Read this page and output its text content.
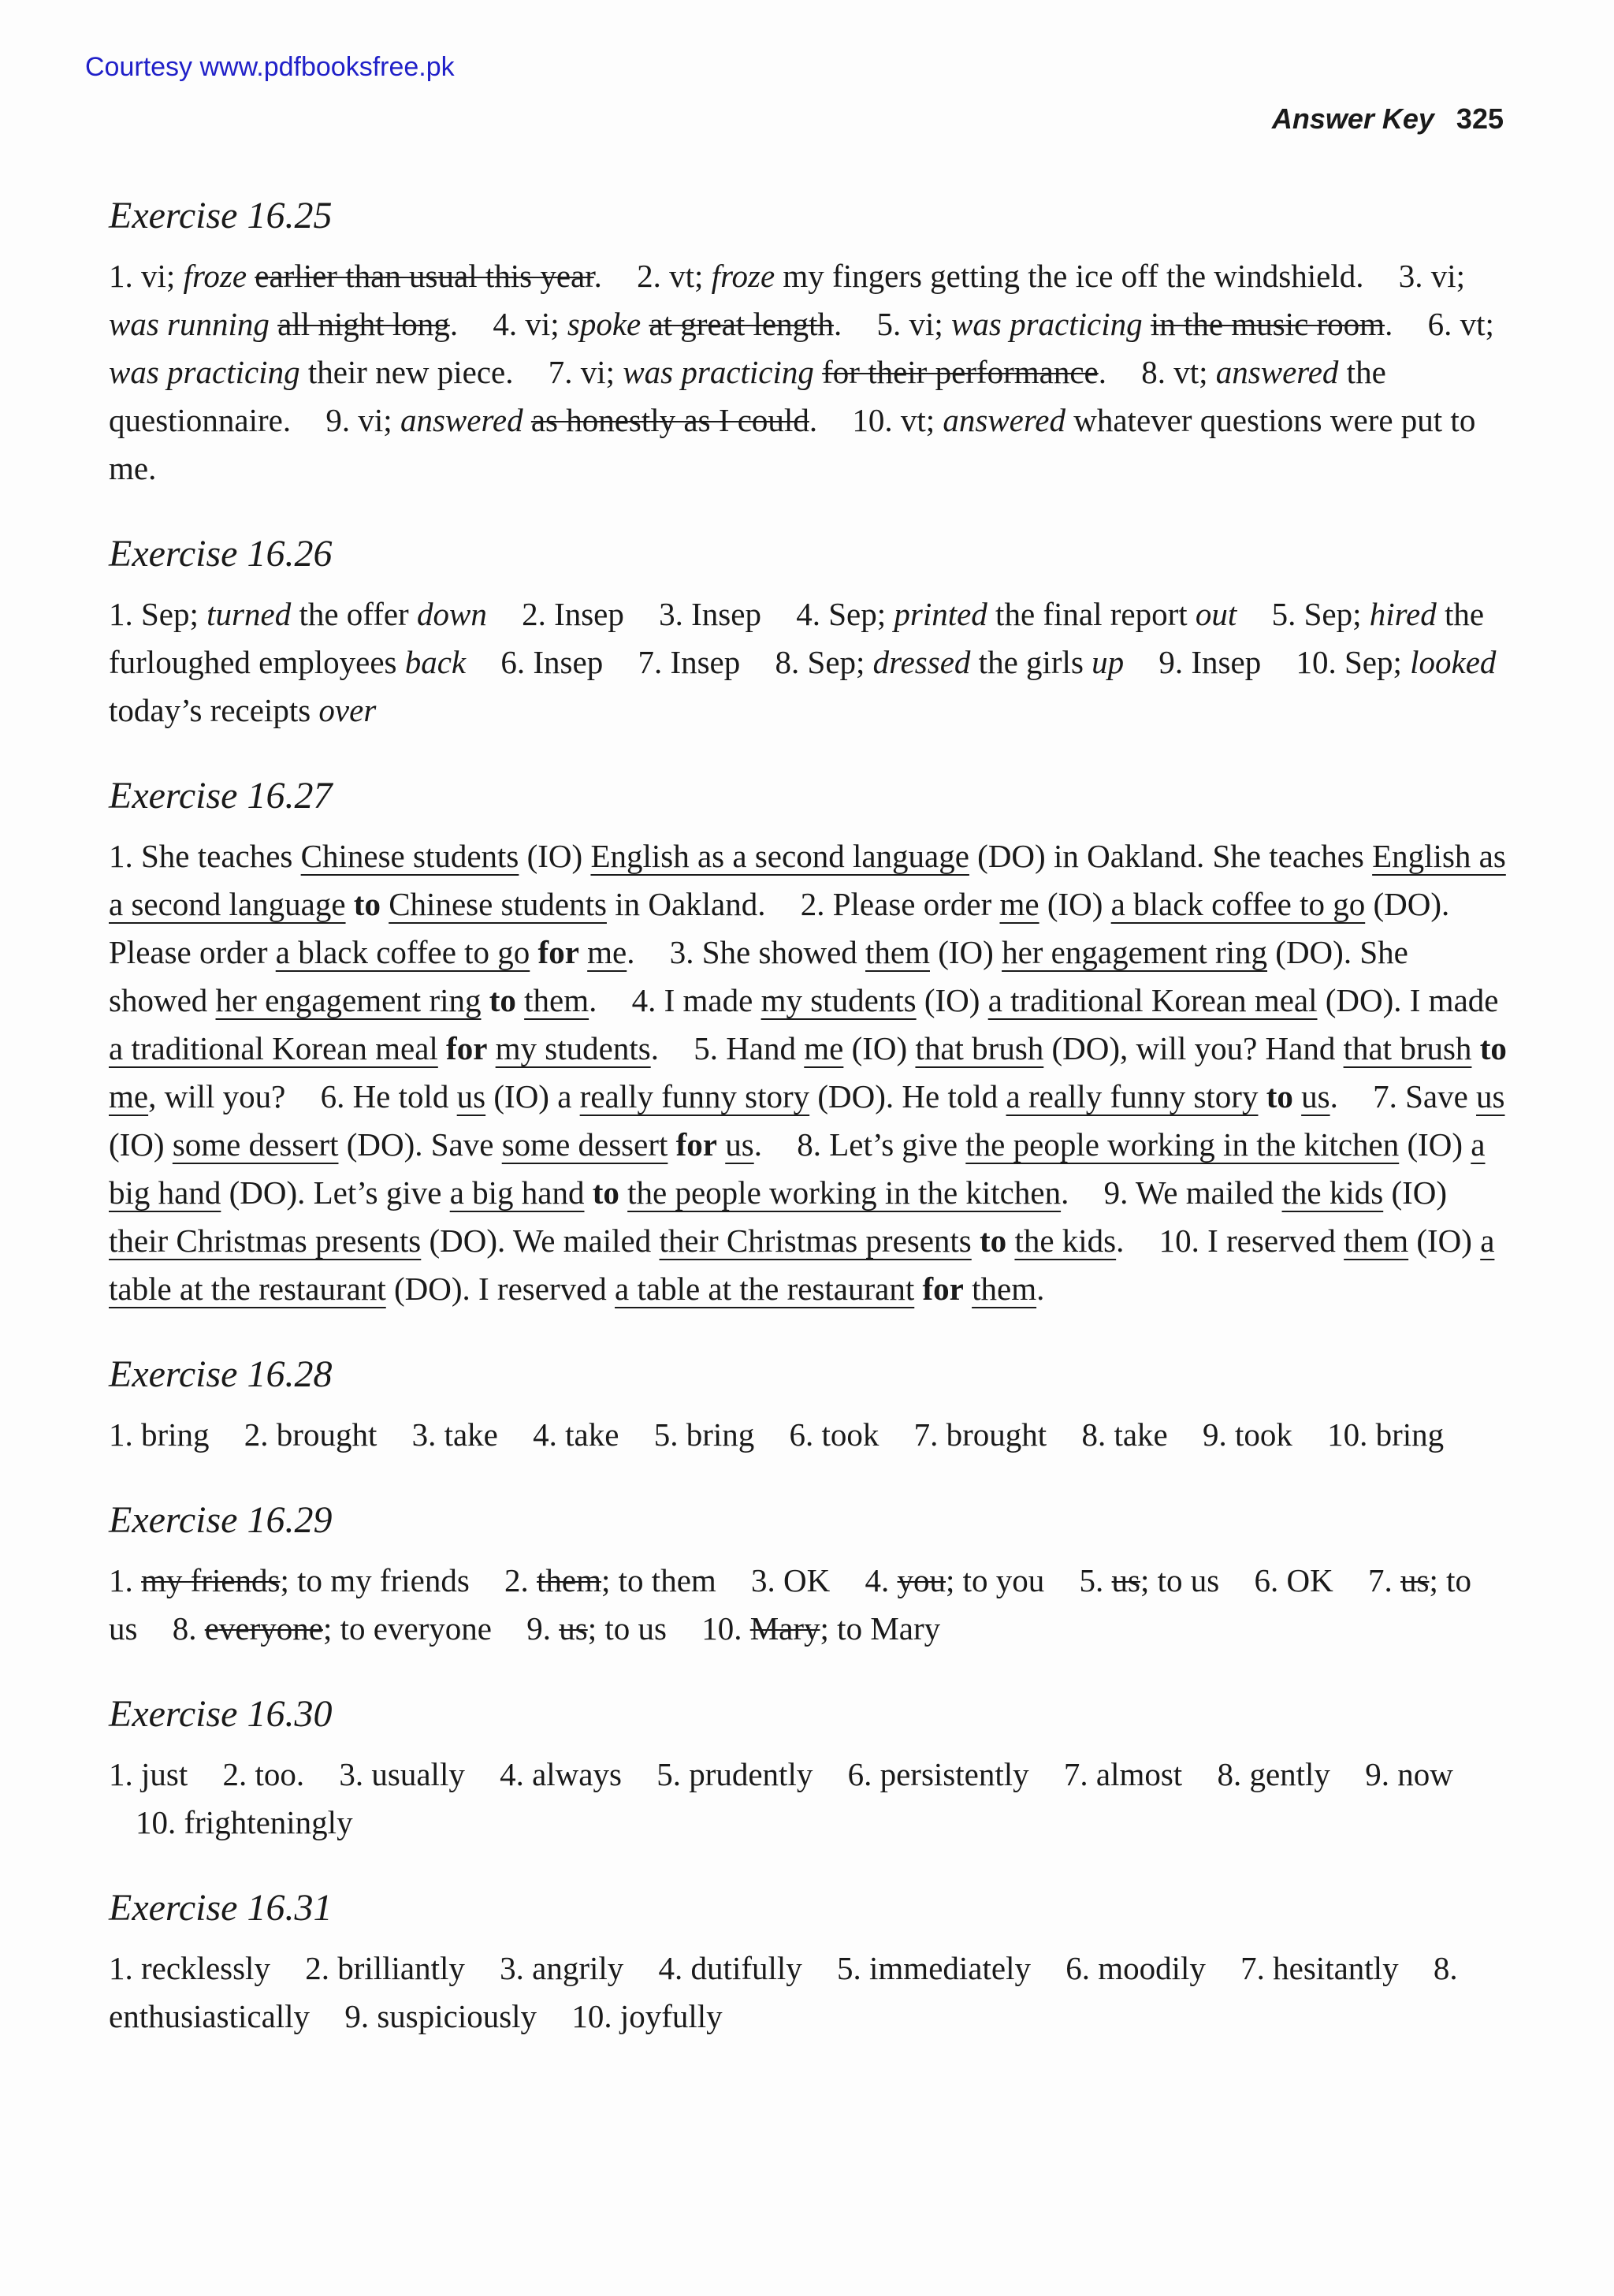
Courtesy www.pdfbooksfree.pk
Answer Key 325
Exercise 16.25
1. vi; froze earlier than usual this year. 2. vt; froze my fingers getting the ice off the windshield. 3. vi; was running all night long. 4. vi; spoke at great length. 5. vi; was practicing in the music room. 6. vt; was practicing their new piece. 7. vi; was practicing for their performance. 8. vt; answered the questionnaire. 9. vi; answered as honestly as I could. 10. vt; answered whatever questions were put to me.
Exercise 16.26
1. Sep; turned the offer down 2. Insep 3. Insep 4. Sep; printed the final report out 5. Sep; hired the furloughed employees back 6. Insep 7. Insep 8. Sep; dressed the girls up 9. Insep 10. Sep; looked today’s receipts over
Exercise 16.27
1. She teaches Chinese students (IO) English as a second language (DO) in Oakland. She teaches English as a second language to Chinese students in Oakland. 2. Please order me (IO) a black coffee to go (DO). Please order a black coffee to go for me. 3. She showed them (IO) her engagement ring (DO). She showed her engagement ring to them. 4. I made my students (IO) a traditional Korean meal (DO). I made a traditional Korean meal for my students. 5. Hand me (IO) that brush (DO), will you? Hand that brush to me, will you? 6. He told us (IO) a really funny story (DO). He told a really funny story to us. 7. Save us (IO) some dessert (DO). Save some dessert for us. 8. Let’s give the people working in the kitchen (IO) a big hand (DO). Let’s give a big hand to the people working in the kitchen. 9. We mailed the kids (IO) their Christmas presents (DO). We mailed their Christmas presents to the kids. 10. I reserved them (IO) a table at the restaurant (DO). I reserved a table at the restaurant for them.
Exercise 16.28
1. bring 2. brought 3. take 4. take 5. bring 6. took 7. brought 8. take 9. took 10. bring
Exercise 16.29
1. my friends; to my friends 2. them; to them 3. OK 4. you; to you 5. us; to us 6. OK 7. us; to us 8. everyone; to everyone 9. us; to us 10. Mary; to Mary
Exercise 16.30
1. just 2. too. 3. usually 4. always 5. prudently 6. persistently 7. almost 8. gently 9. now 10. frighteningly
Exercise 16.31
1. recklessly 2. brilliantly 3. angrily 4. dutifully 5. immediately 6. moodily 7. hesitantly 8. enthusiastically 9. suspiciously 10. joyfully
